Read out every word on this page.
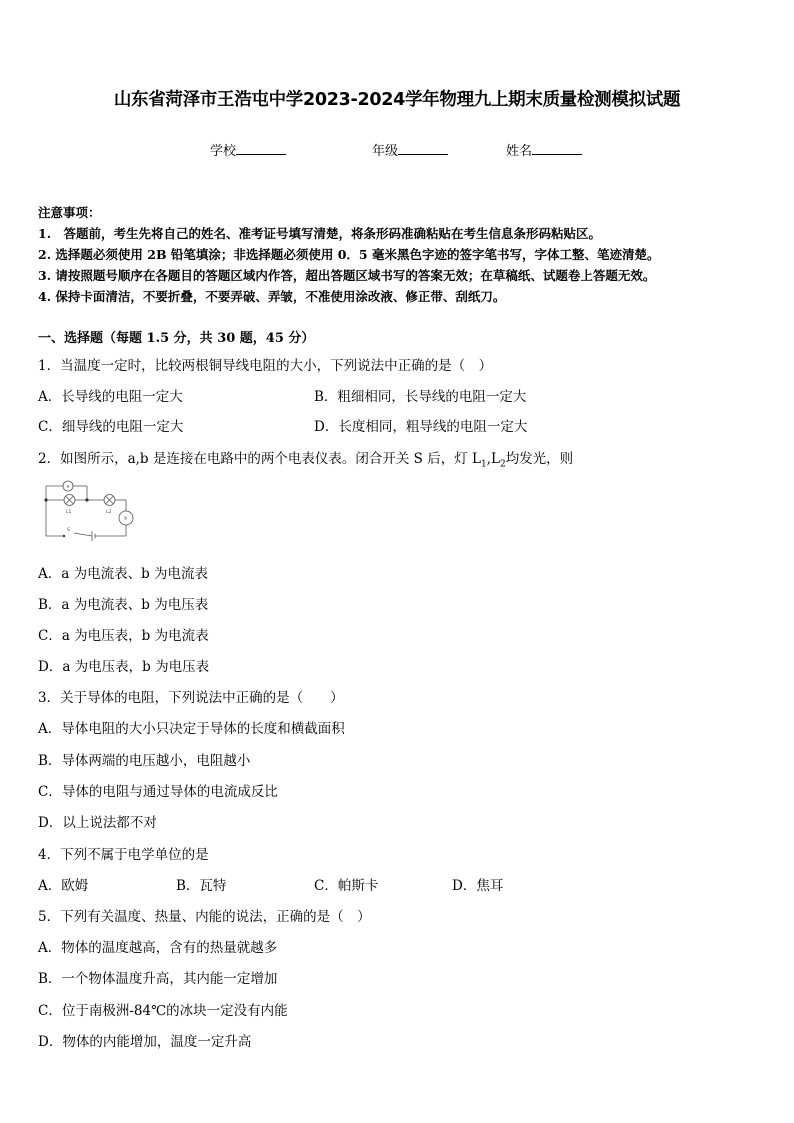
山东省菏泽市王浩屯中学2023-2024学年物理九上期末质量检测模拟试题
学校	年级	姓名
注意事项：
1.　答题前，考生先将自己的姓名、准考证号填写清楚，将条形码准确粘贴在考生信息条形码粘贴区。
2. 选择题必须使用 2B 铅笔填涂；非选择题必须使用 0．5 毫米黑色字迹的签字笔书写，字体工整、笔迹清楚。
3. 请按照题号顺序在各题目的答题区域内作答，超出答题区域书写的答案无效；在草稿纸、试题卷上答题无效。
4. 保持卡面清洁，不要折叠，不要弄破、弄皱，不准使用涂改液、修正带、刮纸刀。
一、选择题（每题 1.5 分，共 30 题，45 分）
1．当温度一定时，比较两根铜导线电阻的大小，下列说法中正确的是（　）
A．长导线的电阻一定大	B．粗细相同，长导线的电阻一定大
C．细导线的电阻一定大	D．长度相同，粗导线的电阻一定大
2．如图所示，a,b 是连接在电路中的两个电表仪表。闭合开关 S 后，灯 $L_1,L_2$均发光，则
a
b
L1	L2
S
A．a 为电流表、b 为电流表
B．a 为电流表、b 为电压表
C．a 为电压表，b 为电流表
D．a 为电压表，b 为电压表
3．关于导体的电阻，下列说法中正确的是（　　）
A．导体电阻的大小只决定于导体的长度和横截面积
B．导体两端的电压越小，电阻越小
C．导体的电阻与通过导体的电流成反比
D．以上说法都不对
4．下列不属于电学单位的是
A．欧姆	B．瓦特	C．帕斯卡	D．焦耳
5．下列有关温度、热量、内能的说法，正确的是（　）
A．物体的温度越高，含有的热量就越多
B．一个物体温度升高，其内能一定增加
C．位于南极洲-84℃的冰块一定没有内能
D．物体的内能增加，温度一定升高
